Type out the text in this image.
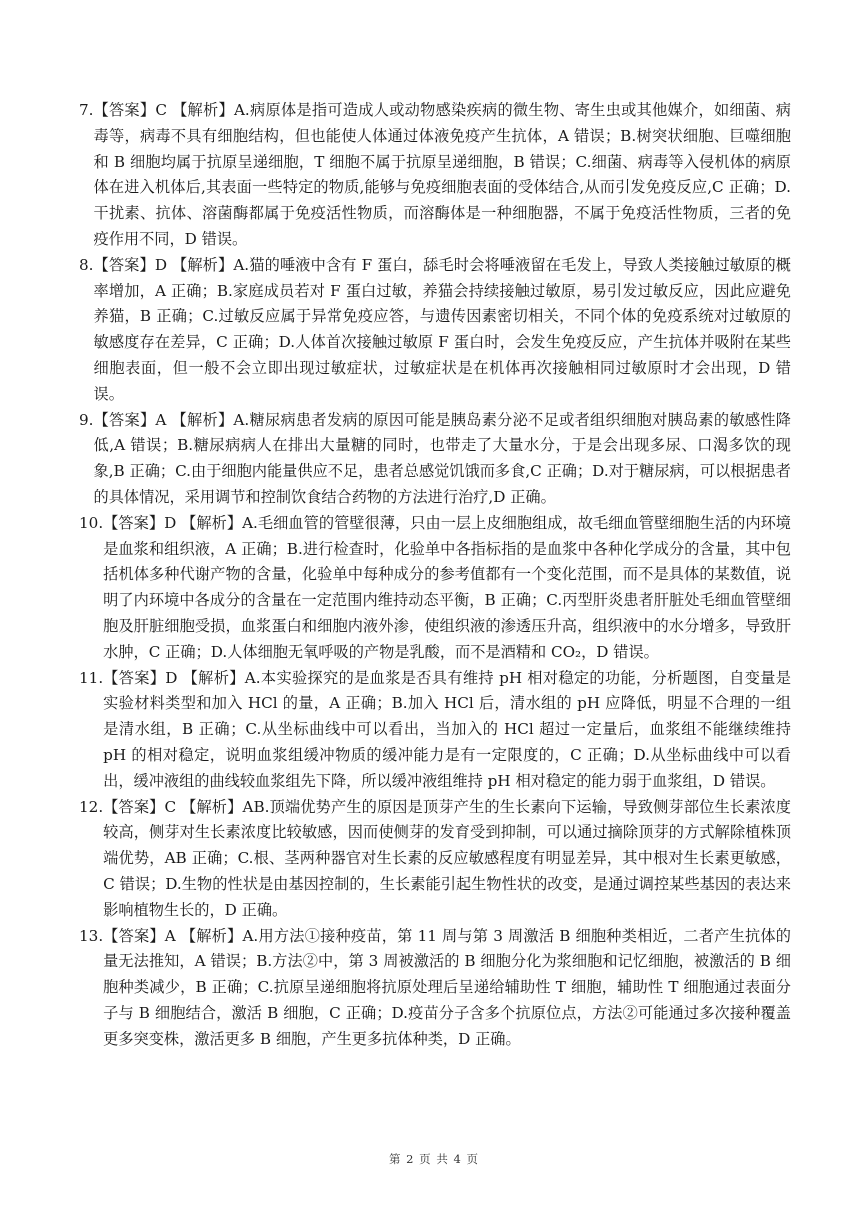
7. 【答案】C 【解析】A.病原体是指可造成人或动物感染疾病的微生物、寄生虫或其他媒介，如细菌、病毒等，病毒不具有细胞结构，但也能使人体通过体液免疫产生抗体，A 错误；B.树突状细胞、巨噬细胞和 B 细胞均属于抗原呈递细胞，T 细胞不属于抗原呈递细胞，B 错误；C.细菌、病毒等入侵机体的病原体在进入机体后,其表面一些特定的物质,能够与免疫细胞表面的受体结合,从而引发免疫反应,C 正确；D.干扰素、抗体、溶菌酶都属于免疫活性物质，而溶酶体是一种细胞器，不属于免疫活性物质，三者的免疫作用不同，D 错误。
8. 【答案】D 【解析】A.猫的唾液中含有 F 蛋白，舔毛时会将唾液留在毛发上，导致人类接触过敏原的概率增加，A 正确；B.家庭成员若对 F 蛋白过敏，养猫会持续接触过敏原，易引发过敏反应，因此应避免养猫，B 正确；C.过敏反应属于异常免疫应答，与遗传因素密切相关，不同个体的免疫系统对过敏原的敏感度存在差异，C 正确；D.人体首次接触过敏原 F 蛋白时，会发生免疫反应，产生抗体并吸附在某些细胞表面，但一般不会立即出现过敏症状，过敏症状是在机体再次接触相同过敏原时才会出现，D 错误。
9. 【答案】A 【解析】A.糖尿病患者发病的原因可能是胰岛素分泌不足或者组织细胞对胰岛素的敏感性降低,A 错误；B.糖尿病病人在排出大量糖的同时，也带走了大量水分，于是会出现多尿、口渴多饮的现象,B 正确；C.由于细胞内能量供应不足，患者总感觉饥饿而多食,C 正确；D.对于糖尿病，可以根据患者的具体情况，采用调节和控制饮食结合药物的方法进行治疗,D 正确。
10. 【答案】D 【解析】A.毛细血管的管壁很薄，只由一层上皮细胞组成，故毛细血管壁细胞生活的内环境是血浆和组织液，A 正确；B.进行检查时，化验单中各指标指的是血浆中各种化学成分的含量，其中包括机体多种代谢产物的含量，化验单中每种成分的参考值都有一个变化范围，而不是具体的某数值，说明了内环境中各成分的含量在一定范围内维持动态平衡，B 正确；C.丙型肝炎患者肝脏处毛细血管壁细胞及肝脏细胞受损，血浆蛋白和细胞内液外渗，使组织液的渗透压升高，组织液中的水分增多，导致肝水肿，C 正确；D.人体细胞无氧呼吸的产物是乳酸，而不是酒精和 CO₂，D 错误。
11. 【答案】D 【解析】A.本实验探究的是血浆是否具有维持 pH 相对稳定的功能，分析题图，自变量是实验材料类型和加入 HCl 的量，A 正确；B.加入 HCl 后，清水组的 pH 应降低，明显不合理的一组是清水组，B 正确；C.从坐标曲线中可以看出，当加入的 HCl 超过一定量后，血浆组不能继续维持 pH 的相对稳定，说明血浆组缓冲物质的缓冲能力是有一定限度的，C 正确；D.从坐标曲线中可以看出，缓冲液组的曲线较血浆组先下降，所以缓冲液组维持 pH 相对稳定的能力弱于血浆组，D 错误。
12. 【答案】C 【解析】AB.顶端优势产生的原因是顶芽产生的生长素向下运输，导致侧芽部位生长素浓度较高，侧芽对生长素浓度比较敏感，因而使侧芽的发育受到抑制，可以通过摘除顶芽的方式解除植株顶端优势，AB 正确；C.根、茎两种器官对生长素的反应敏感程度有明显差异，其中根对生长素更敏感，C 错误；D.生物的性状是由基因控制的，生长素能引起生物性状的改变，是通过调控某些基因的表达来影响植物生长的，D 正确。
13. 【答案】A 【解析】A.用方法①接种疫苗，第 11 周与第 3 周激活 B 细胞种类相近，二者产生抗体的量无法推知，A 错误；B.方法②中，第 3 周被激活的 B 细胞分化为浆细胞和记忆细胞，被激活的 B 细胞种类减少，B 正确；C.抗原呈递细胞将抗原处理后呈递给辅助性 T 细胞，辅助性 T 细胞通过表面分子与 B 细胞结合，激活 B 细胞，C 正确；D.疫苗分子含多个抗原位点，方法②可能通过多次接种覆盖更多突变株，激活更多 B 细胞，产生更多抗体种类，D 正确。
第 2 页 共 4 页
